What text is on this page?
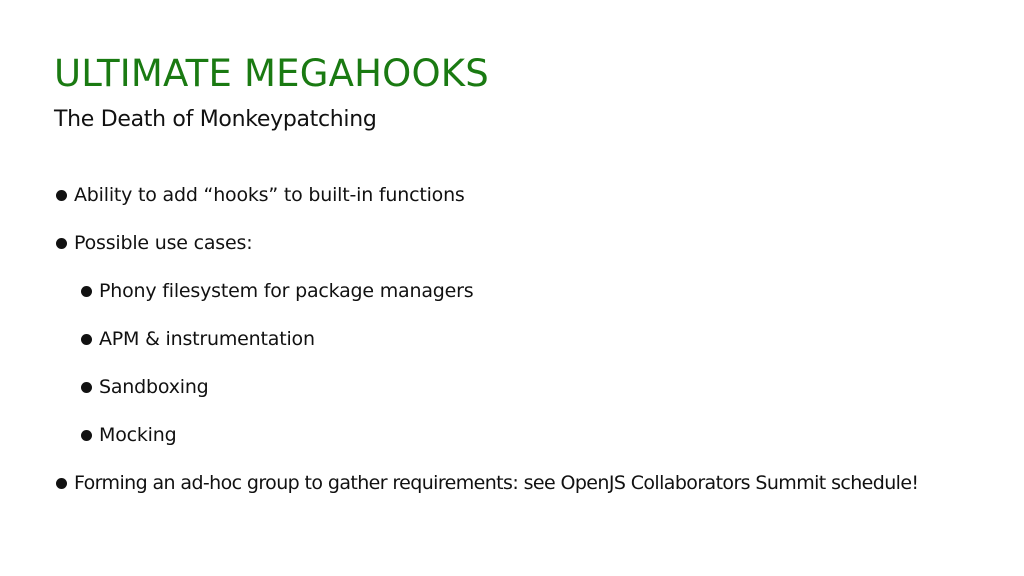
ULTIMATE MEGAHOOKS
The Death of Monkeypatching
Ability to add “hooks” to built-in functions
Possible use cases:
Phony filesystem for package managers
APM & instrumentation
Sandboxing
Mocking
Forming an ad-hoc group to gather requirements: see OpenJS Collaborators Summit schedule!
